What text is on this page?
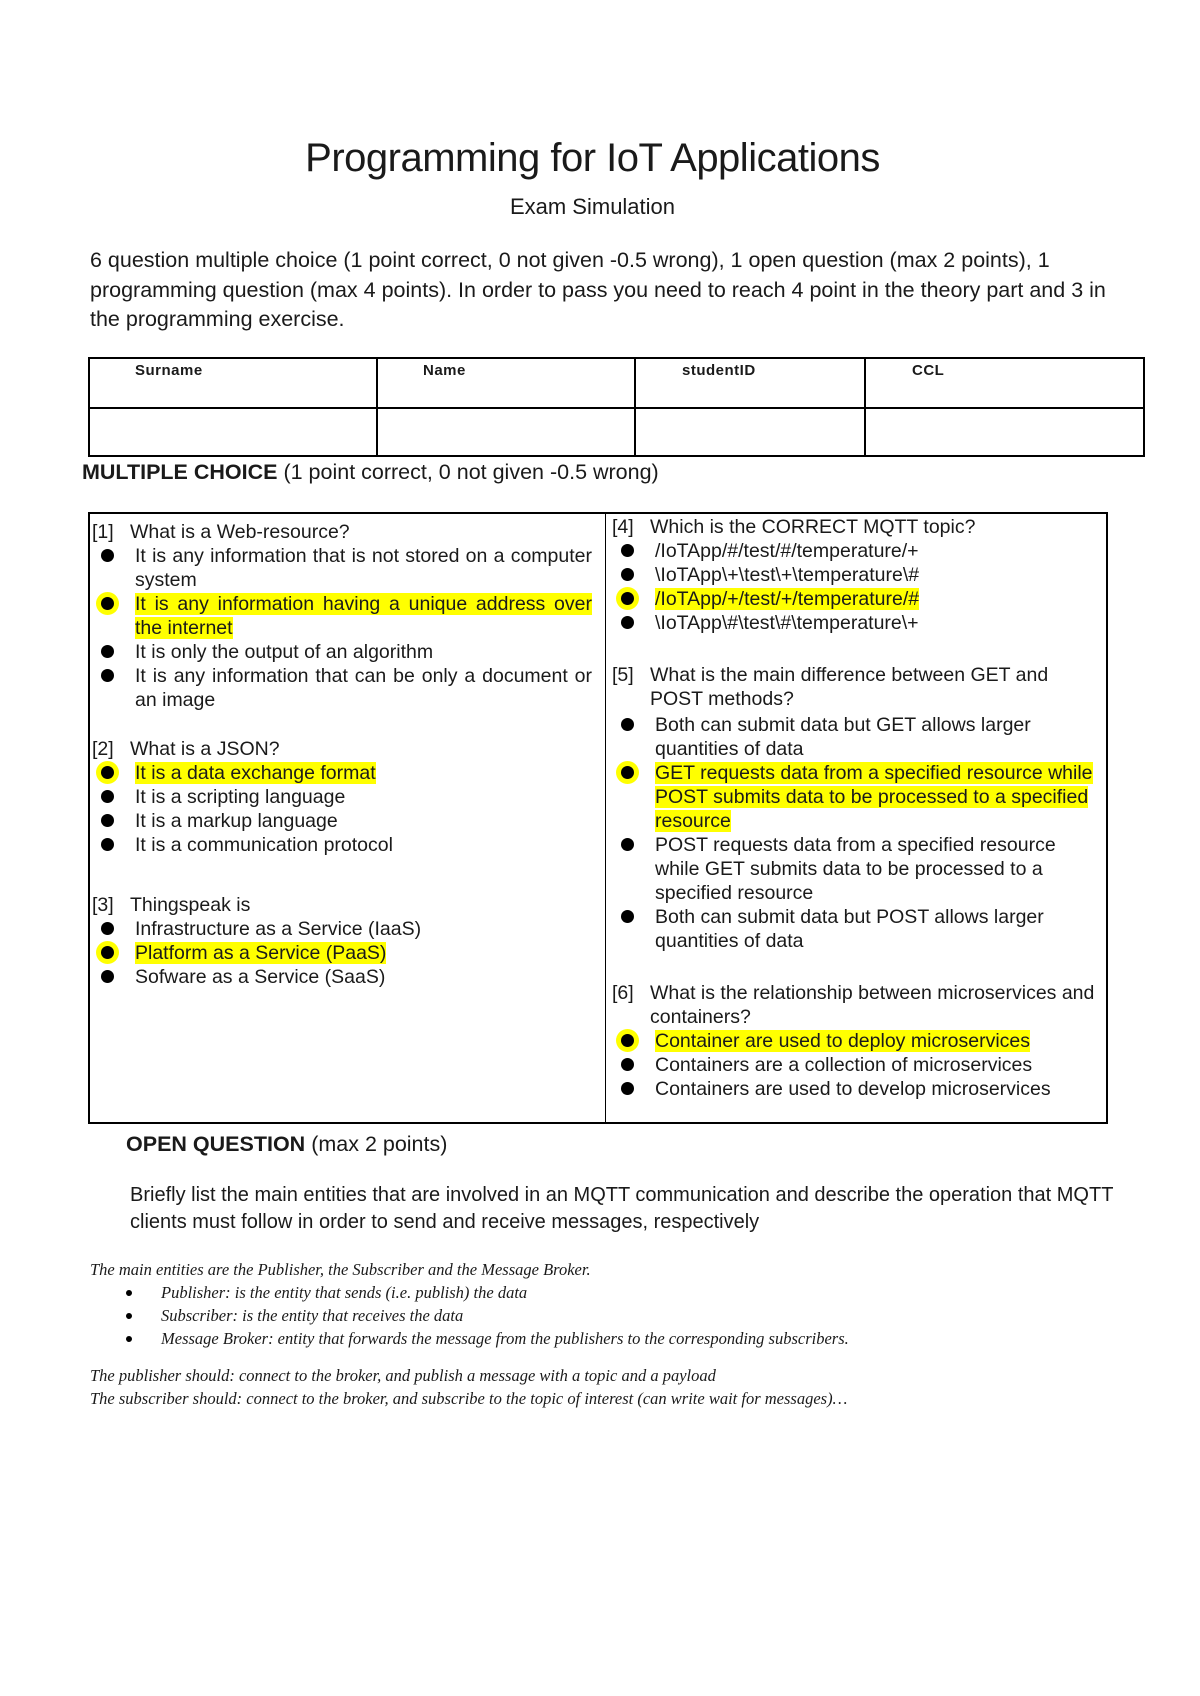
Programming for IoT Applications
Exam Simulation
6 question multiple choice (1 point correct, 0 not given -0.5 wrong), 1 open question (max 2 points), 1 programming question (max 4 points). In order to pass you need to reach 4 point in the theory part and 3 in the programming exercise.
Surname	Name	studentID	CCL

MULTIPLE CHOICE (1 point correct, 0 not given -0.5 wrong)
[1] What is a Web-resource?
It is any information that is not stored on a computer system
It is any information having a unique address over the internet
It is only the output of an algorithm
It is any information that can be only a document or an image
[2] What is a JSON?
It is a data exchange format
It is a scripting language
It is a markup language
It is a communication protocol
[3] Thingspeak is
Infrastructure as a Service (IaaS)
Platform as a Service (PaaS)
Sofware as a Service (SaaS)
[4] Which is the CORRECT MQTT topic?
/IoTApp/#/test/#/temperature/+
\IoTApp\+\test\+\temperature\#
/IoTApp/+/test/+/temperature/#
\IoTApp\#\test\#\temperature\+
[5] What is the main difference between GET and POST methods?
Both can submit data but GET allows larger quantities of data
GET requests data from a specified resource while POST submits data to be processed to a specified resource
POST requests data from a specified resource while GET submits data to be processed to a specified resource
Both can submit data but POST allows larger quantities of data
[6] What is the relationship between microservices and containers?
Container are used to deploy microservices
Containers are a collection of microservices
Containers are used to develop microservices
OPEN QUESTION (max 2 points)
Briefly list the main entities that are involved in an MQTT communication and describe the operation that MQTT clients must follow in order to send and receive messages, respectively
The main entities are the Publisher, the Subscriber and the Message Broker.
Publisher: is the entity that sends (i.e. publish) the data
Subscriber: is the entity that receives the data
Message Broker: entity that forwards the message from the publishers to the corresponding subscribers.
The publisher should: connect to the broker, and publish a message with a topic and a payload
The subscriber should: connect to the broker, and subscribe to the topic of interest (can write wait for messages)…
